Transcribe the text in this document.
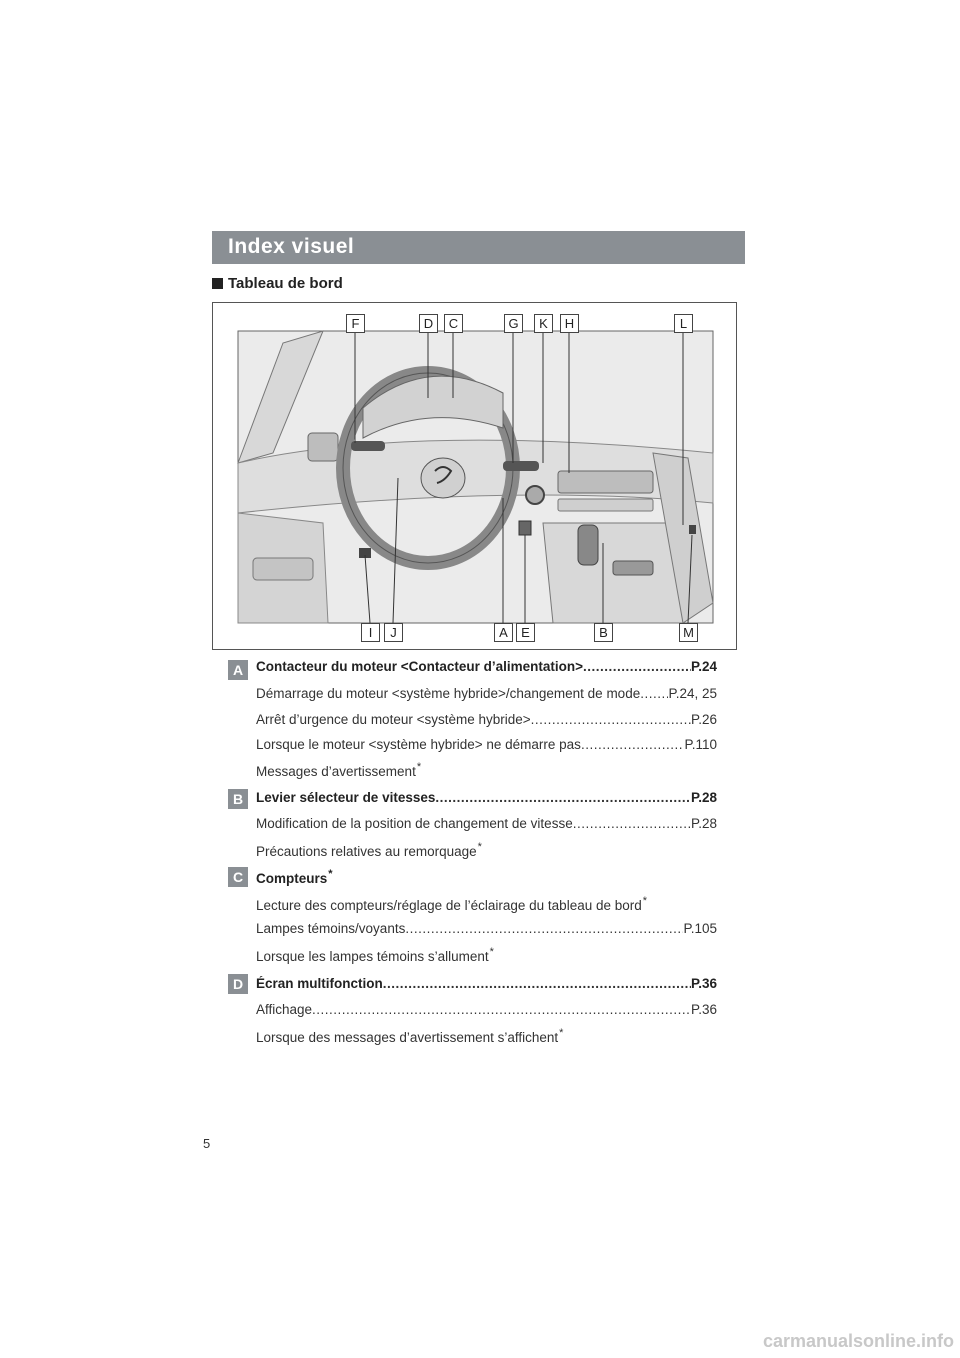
Index visuel
Tableau de bord
F	D	C	G	K	H	L
I	J	A	E	B	M
A Contacteur du moteur <Contacteur d’alimentation> .....	P.24
Démarrage du moteur <système hybride>/changement de mode ..... P.24, 25
Arrêt d’urgence du moteur <système hybride> .....	P.26
Lorsque le moteur <système hybride> ne démarre pas .....	P.110
Messages d’avertissement*
B Levier sélecteur de vitesses .....	P.28
Modification de la position de changement de vitesse .....	P.28
Précautions relatives au remorquage*
C Compteurs*
Lecture des compteurs/réglage de l’éclairage du tableau de bord*
Lampes témoins/voyants .....	P.105
Lorsque les lampes témoins s’allument*
D Écran multifonction .....	P.36
Affichage .....	P.36
Lorsque des messages d’avertissement s’affichent*
5
carmanualsonline.info
